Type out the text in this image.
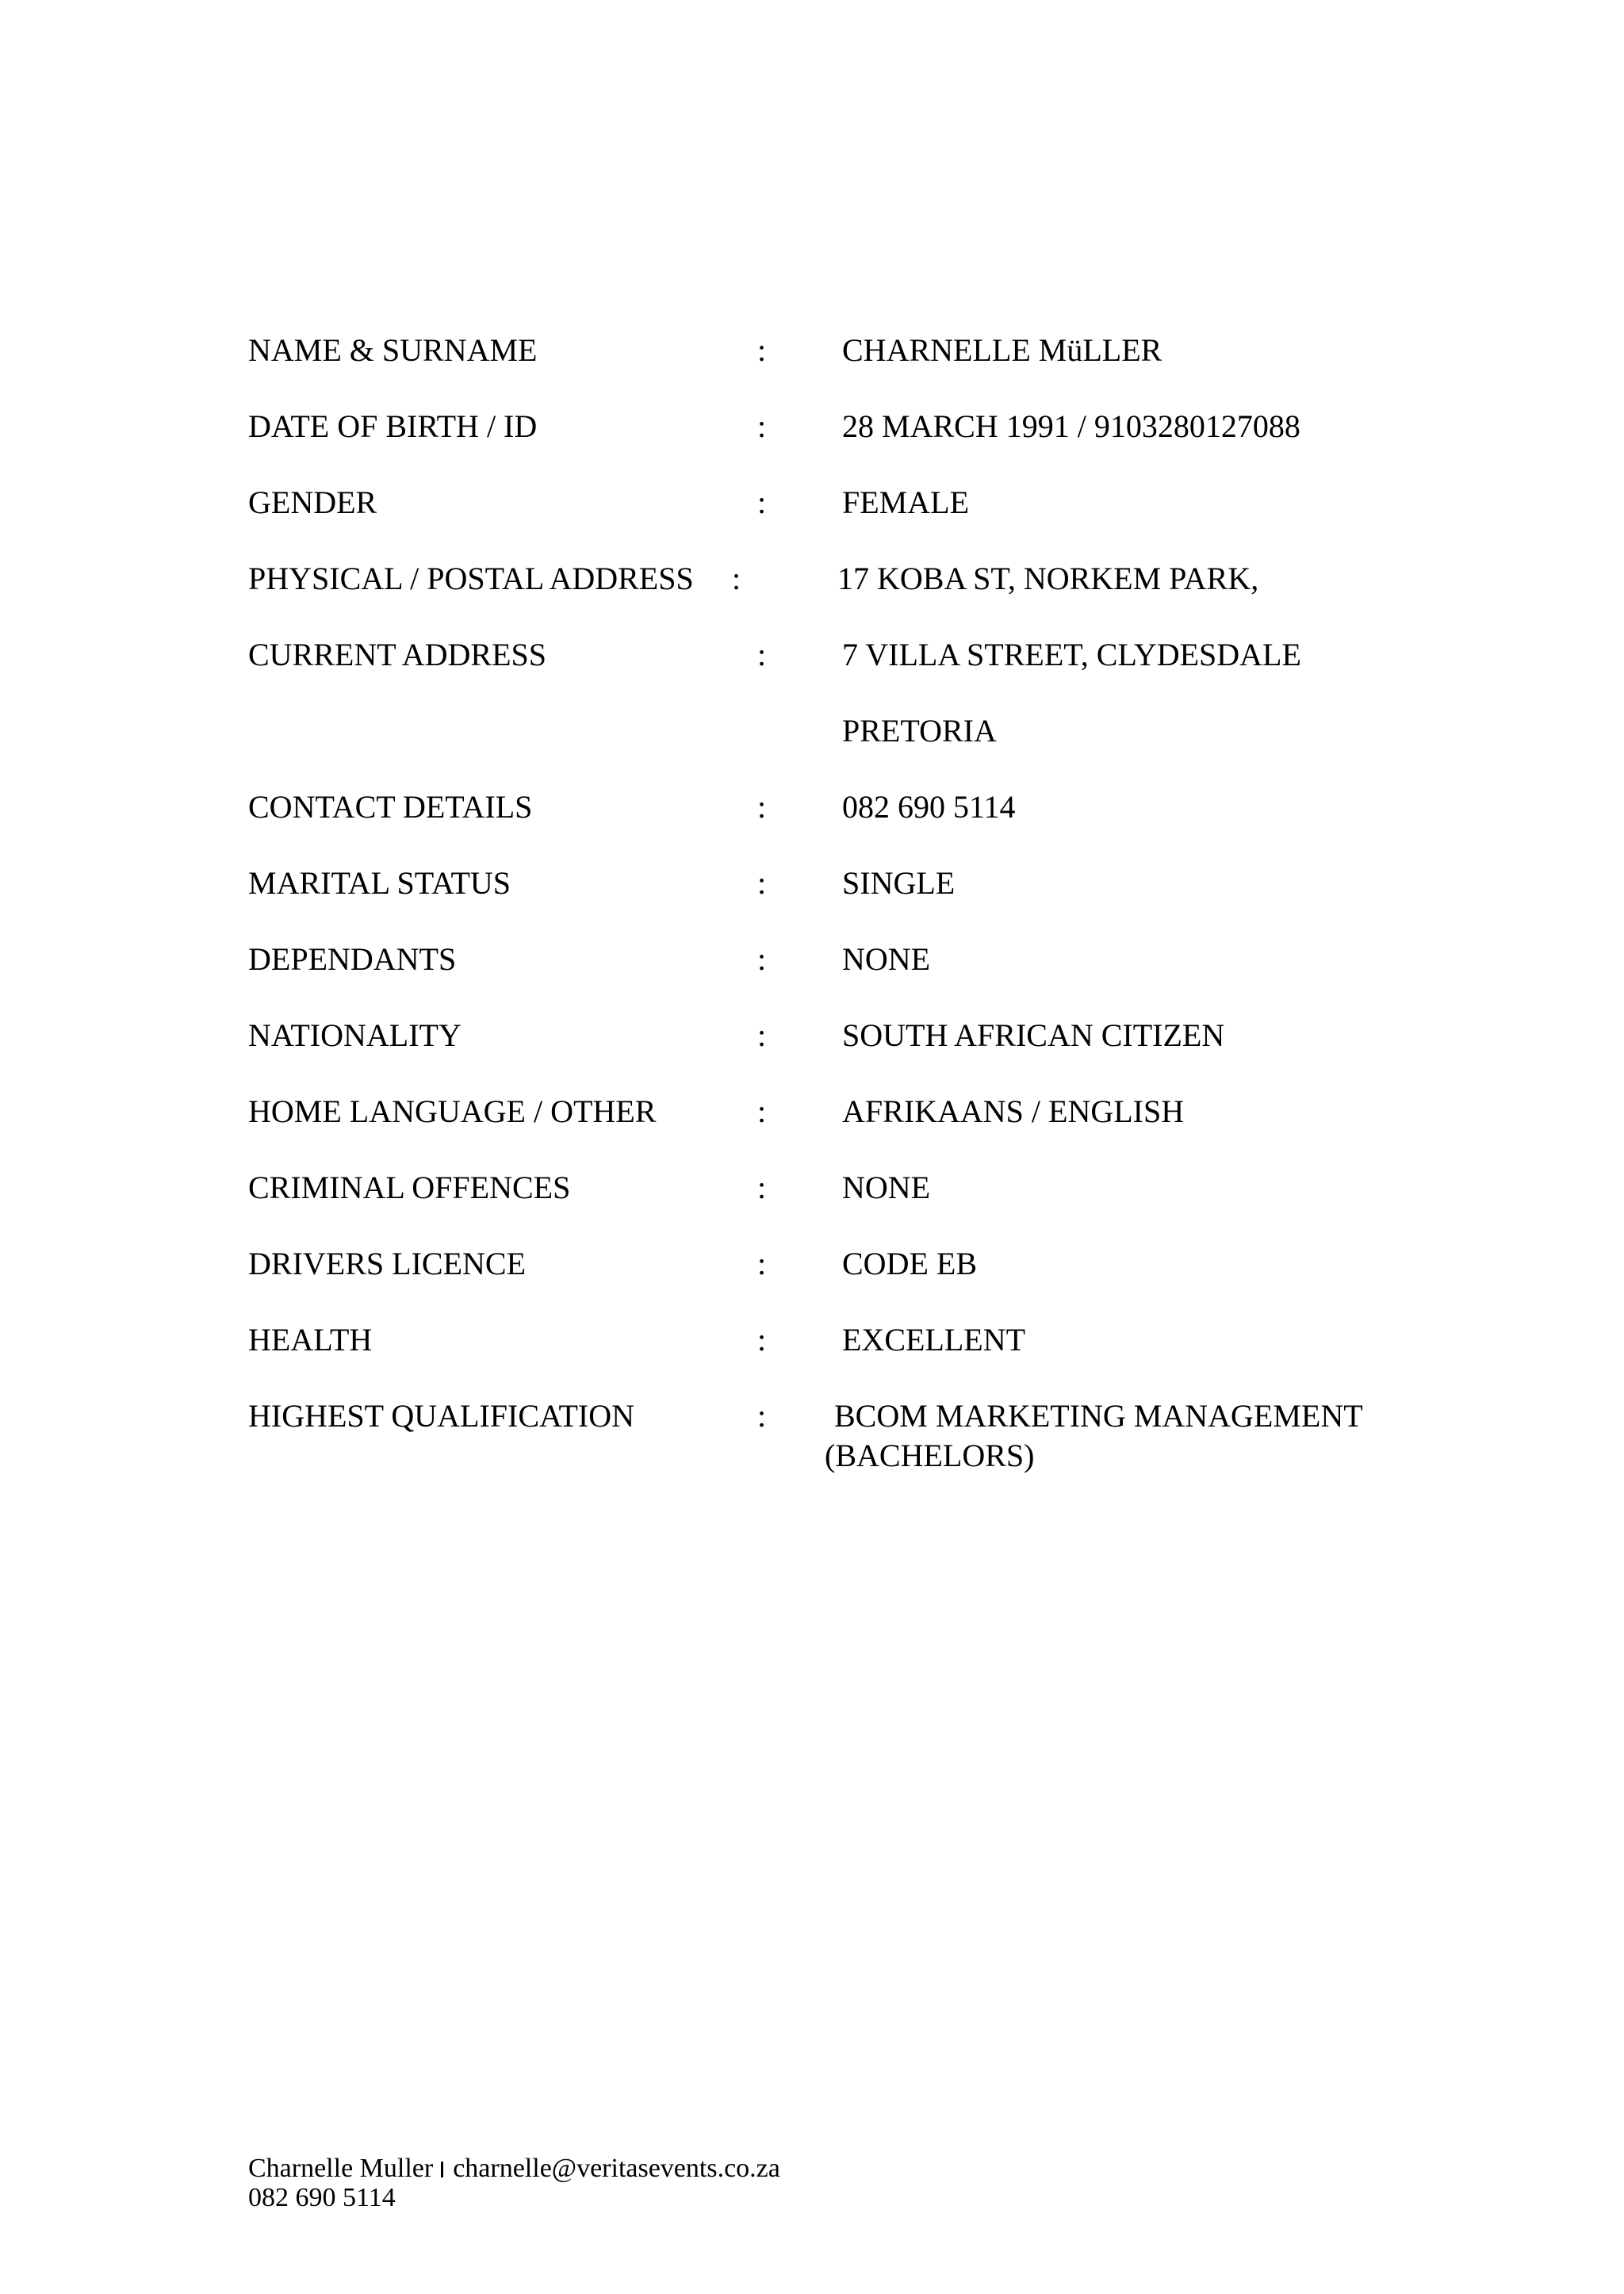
NAME & SURNAME	: CHARNELLE MüLLER
DATE OF BIRTH / ID	: 28 MARCH 1991 / 9103280127088
GENDER	: FEMALE
PHYSICAL / POSTAL ADDRESS :	17 KOBA ST, NORKEM PARK,
CURRENT ADDRESS	: 7 VILLA STREET, CLYDESDALE
PRETORIA
CONTACT DETAILS	: 082 690 5114
MARITAL STATUS	: SINGLE
DEPENDANTS	: NONE
NATIONALITY	: SOUTH AFRICAN CITIZEN
HOME LANGUAGE / OTHER	: AFRIKAANS / ENGLISH
CRIMINAL OFFENCES	: NONE
DRIVERS LICENCE	: CODE EB
HEALTH	: EXCELLENT
HIGHEST QUALIFICATION	: BCOM MARKETING MANAGEMENT
(BACHELORS)
Charnelle Muller charnelle@veritasevents.co.za
082 690 5114
